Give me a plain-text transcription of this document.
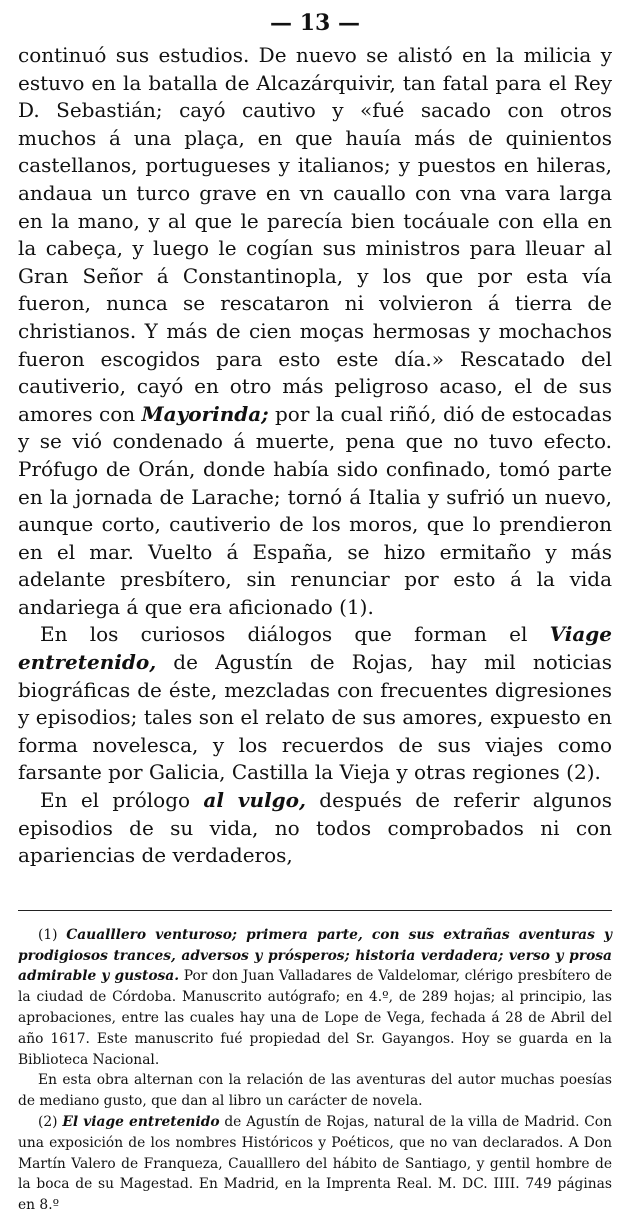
— 13 —

continuó sus estudios. De nuevo se alistó en la milicia y estuvo en la batalla de Alcazárquivir, tan fatal para el Rey D. Sebastián; cayó cautivo y «fué sacado con otros muchos á una plaça, en que hauía más de quinientos castellanos, portugueses y italianos; y puestos en hileras, andaua un turco grave en vn cauallo con vna vara larga en la mano, y al que le parecía bien tocáuale con ella en la cabeça, y luego le cogían sus ministros para lleuar al Gran Señor á Constantinopla, y los que por esta vía fueron, nunca se rescataron ni volvieron á tierra de christianos. Y más de cien moças hermosas y mochachos fueron escogidos para esto este día.» Rescatado del cautiverio, cayó en otro más peligroso acaso, el de sus amores con Mayorinda; por la cual riñó, dió de estocadas y se vió condenado á muerte, pena que no tuvo efecto. Prófugo de Orán, donde había sido confinado, tomó parte en la jornada de Larache; tornó á Italia y sufrió un nuevo, aunque corto, cautiverio de los moros, que lo prendieron en el mar. Vuelto á España, se hizo ermitaño y más adelante presbítero, sin renunciar por esto á la vida andariega á que era aficionado (1).

En los curiosos diálogos que forman el Viage entretenido, de Agustín de Rojas, hay mil noticias biográficas de éste, mezcladas con frecuentes digresiones y episodios; tales son el relato de sus amores, expuesto en forma novelesca, y los recuerdos de sus viajes como farsante por Galicia, Castilla la Vieja y otras regiones (2).

En el prólogo al vulgo, después de referir algunos episodios de su vida, no todos comprobados ni con apariencias de verdaderos,

(1) Caualllero venturoso; primera parte, con sus extrañas aventuras y prodigiosos trances, adversos y prósperos; historia verdadera; verso y prosa admirable y gustosa. Por don Juan Valladares de Valdelomar, clérigo presbítero de la ciudad de Córdoba. Manuscrito autógrafo; en 4.º, de 289 hojas; al principio, las aprobaciones, entre las cuales hay una de Lope de Vega, fechada á 28 de Abril del año 1617. Este manuscrito fué propiedad del Sr. Gayangos. Hoy se guarda en la Biblioteca Nacional.

En esta obra alternan con la relación de las aventuras del autor muchas poesías de mediano gusto, que dan al libro un carácter de novela.

(2) El viage entretenido de Agustín de Rojas, natural de la villa de Madrid. Con una exposición de los nombres Históricos y Poéticos, que no van declarados. A Don Martín Valero de Franqueza, Caualllero del hábito de Santiago, y gentil hombre de la boca de su Magestad. En Madrid, en la Imprenta Real. M. DC. IIII. 749 páginas en 8.º
